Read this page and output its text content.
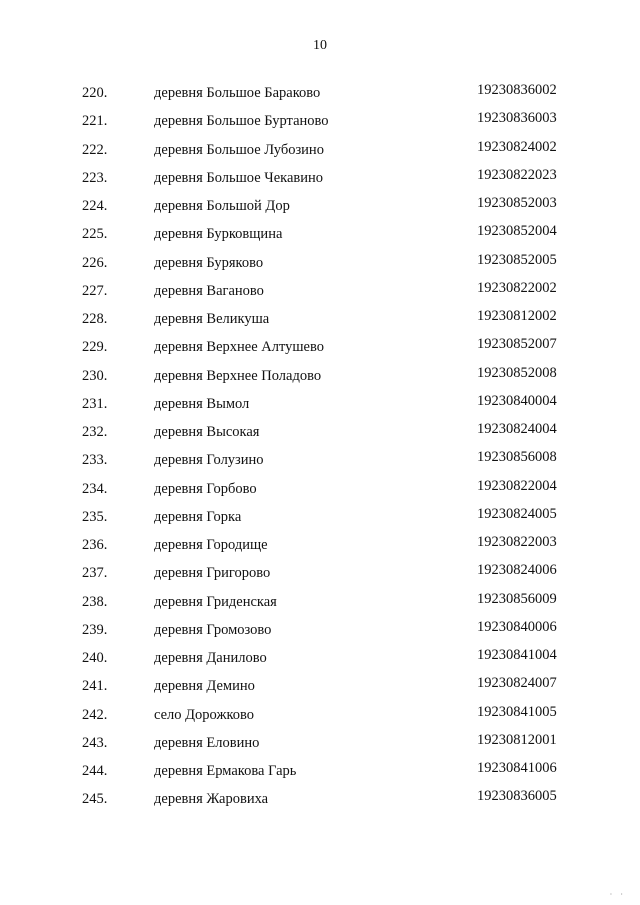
10
220.	деревня Большое Бараково	19230836002
221.	деревня Большое Буртаново	19230836003
222.	деревня Большое Лубозино	19230824002
223.	деревня Большое Чекавино	19230822023
224.	деревня Большой Дор	19230852003
225.	деревня Бурковщина	19230852004
226.	деревня Буряково	19230852005
227.	деревня Ваганово	19230822002
228.	деревня Великуша	19230812002
229.	деревня Верхнее Алтушево	19230852007
230.	деревня Верхнее Поладово	19230852008
231.	деревня Вымол	19230840004
232.	деревня Высокая	19230824004
233.	деревня Голузино	19230856008
234.	деревня Горбово	19230822004
235.	деревня Горка	19230824005
236.	деревня Городище	19230822003
237.	деревня Григорово	19230824006
238.	деревня Гриденская	19230856009
239.	деревня Громозово	19230840006
240.	деревня Данилово	19230841004
241.	деревня Демино	19230824007
242.	село Дорожково	19230841005
243.	деревня Еловино	19230812001
244.	деревня Ермакова Гарь	19230841006
245.	деревня Жаровиха	19230836005
· ·
